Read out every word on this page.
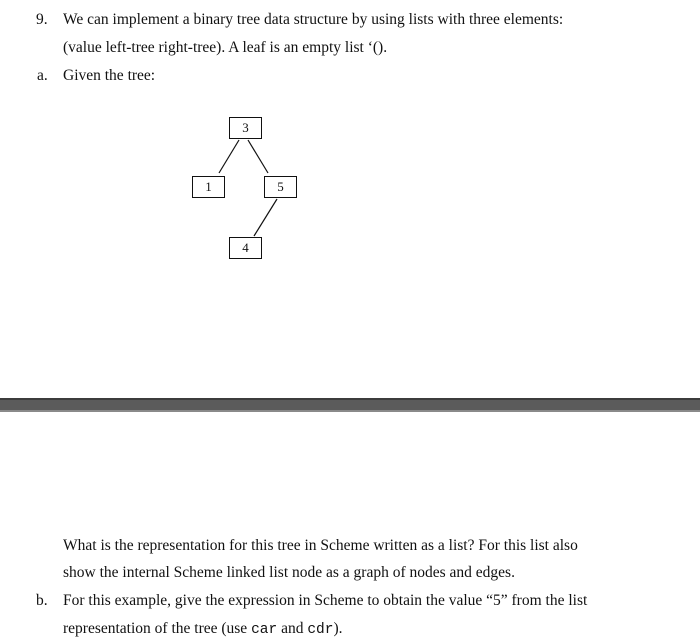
9. We can implement a binary tree data structure by using lists with three elements:
(value left-tree right-tree). A leaf is an empty list ‘().
a. Given the tree:
3
1	5
4
What is the representation for this tree in Scheme written as a list? For this list also
show the internal Scheme linked list node as a graph of nodes and edges.
b. For this example, give the expression in Scheme to obtain the value “5” from the list
representation of the tree (use car and cdr).
